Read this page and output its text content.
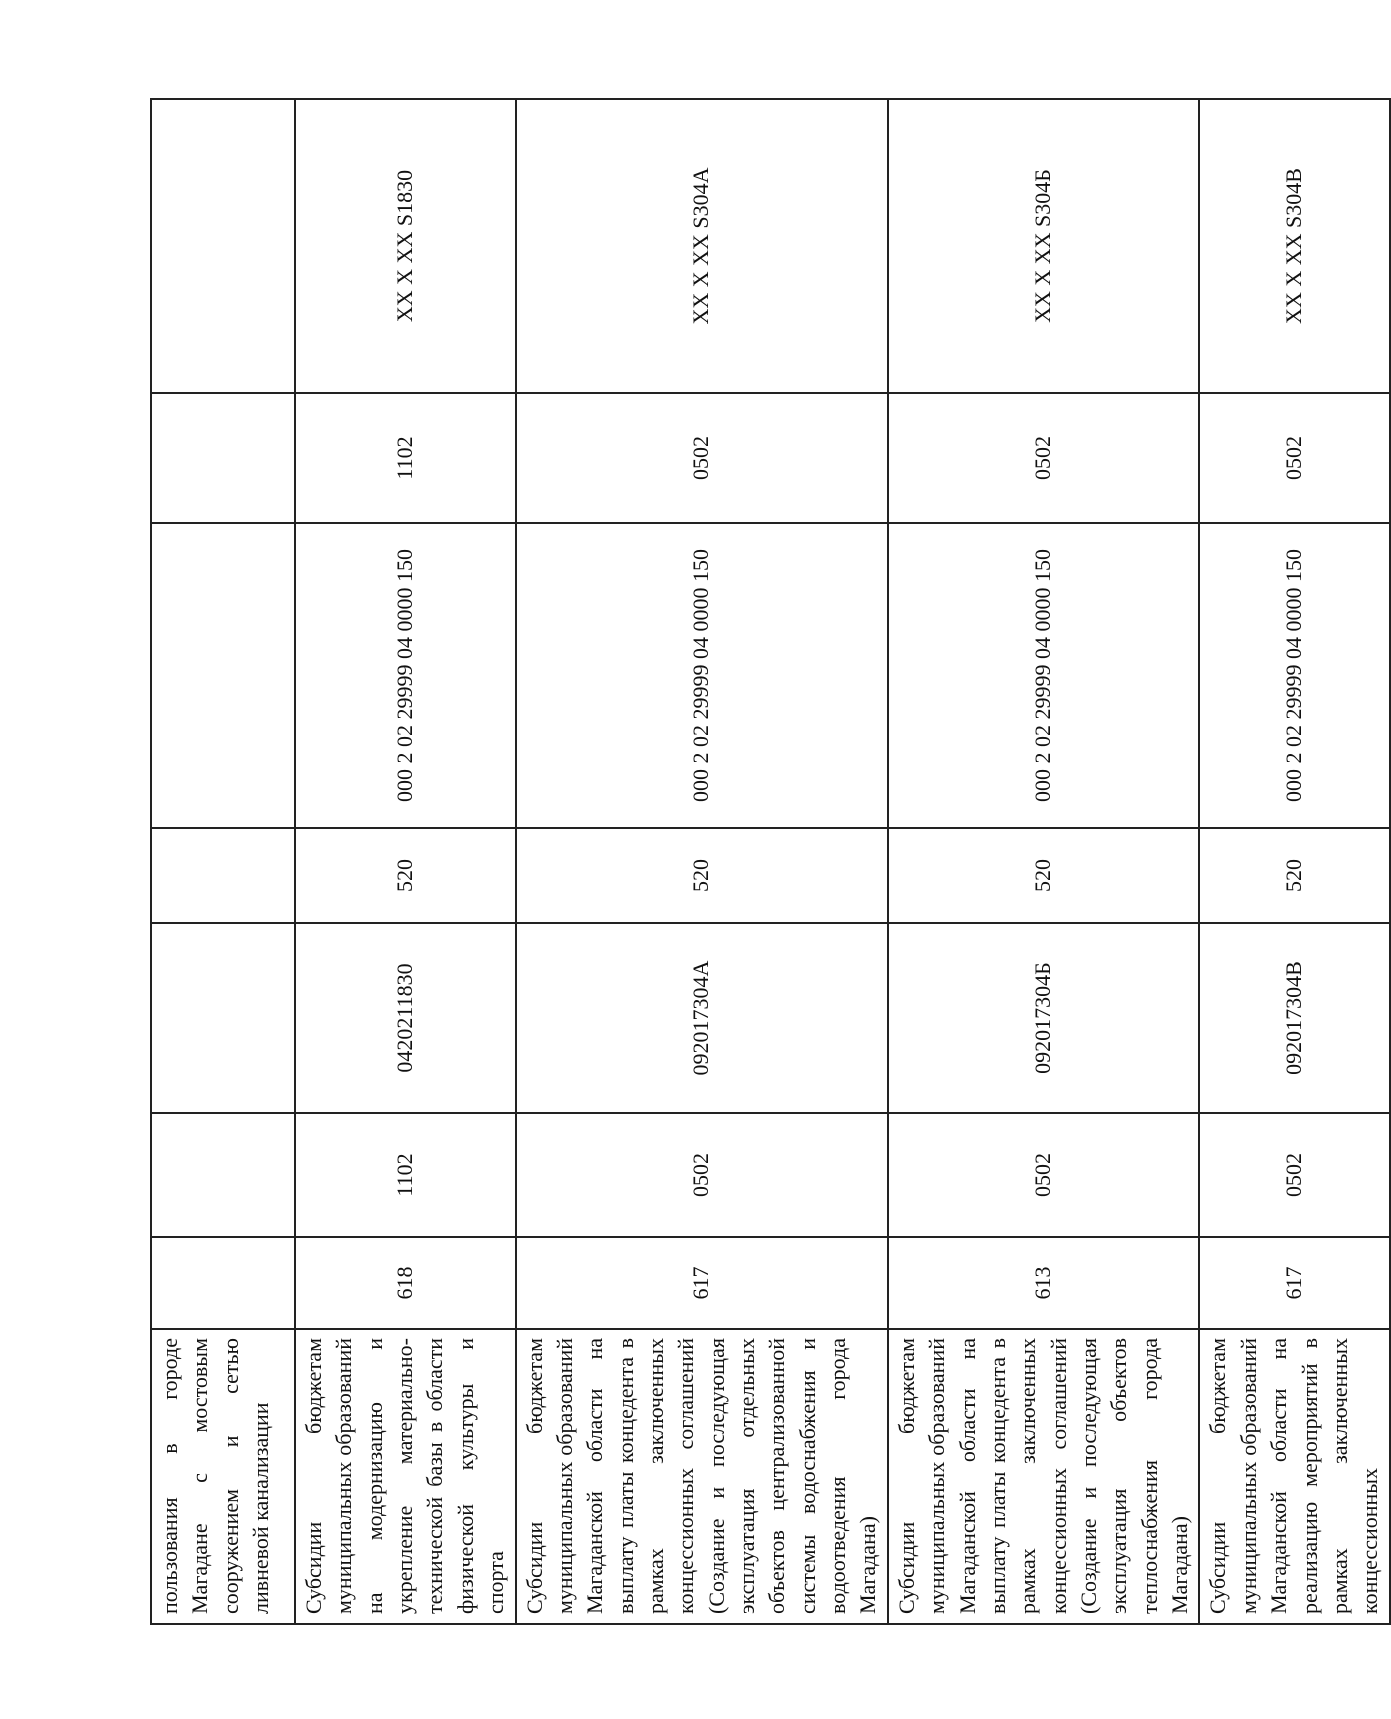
пользования в городе Магадане с мостовым сооружением и сетью ливневой канализации							
Субсидии бюджетам муниципальных образований на модернизацию и укрепление материально-технической базы в области физической культуры и спорта	618	1102	0420211830	520	000 2 02 29999 04 0000 150	1102	XX X XX S1830
Субсидии бюджетам муниципальных образований Магаданской области на выплату платы концедента в рамках заключенных концессионных соглашений (Создание и последующая эксплуатация отдельных объектов централизованной системы водоснабжения и водоотведения города Магадана)	617	0502	092017304А	520	000 2 02 29999 04 0000 150	0502	XX X XX S304А
Субсидии бюджетам муниципальных образований Магаданской области на выплату платы концедента в рамках заключенных концессионных соглашений (Создание и последующая эксплуатация объектов теплоснабжения города Магадана)	613	0502	092017304Б	520	000 2 02 29999 04 0000 150	0502	XX X XX S304Б
Субсидии бюджетам муниципальных образований Магаданской области на реализацию мероприятий в рамках заключенных концессионных	617	0502	092017304В	520	000 2 02 29999 04 0000 150	0502	XX X XX S304В
